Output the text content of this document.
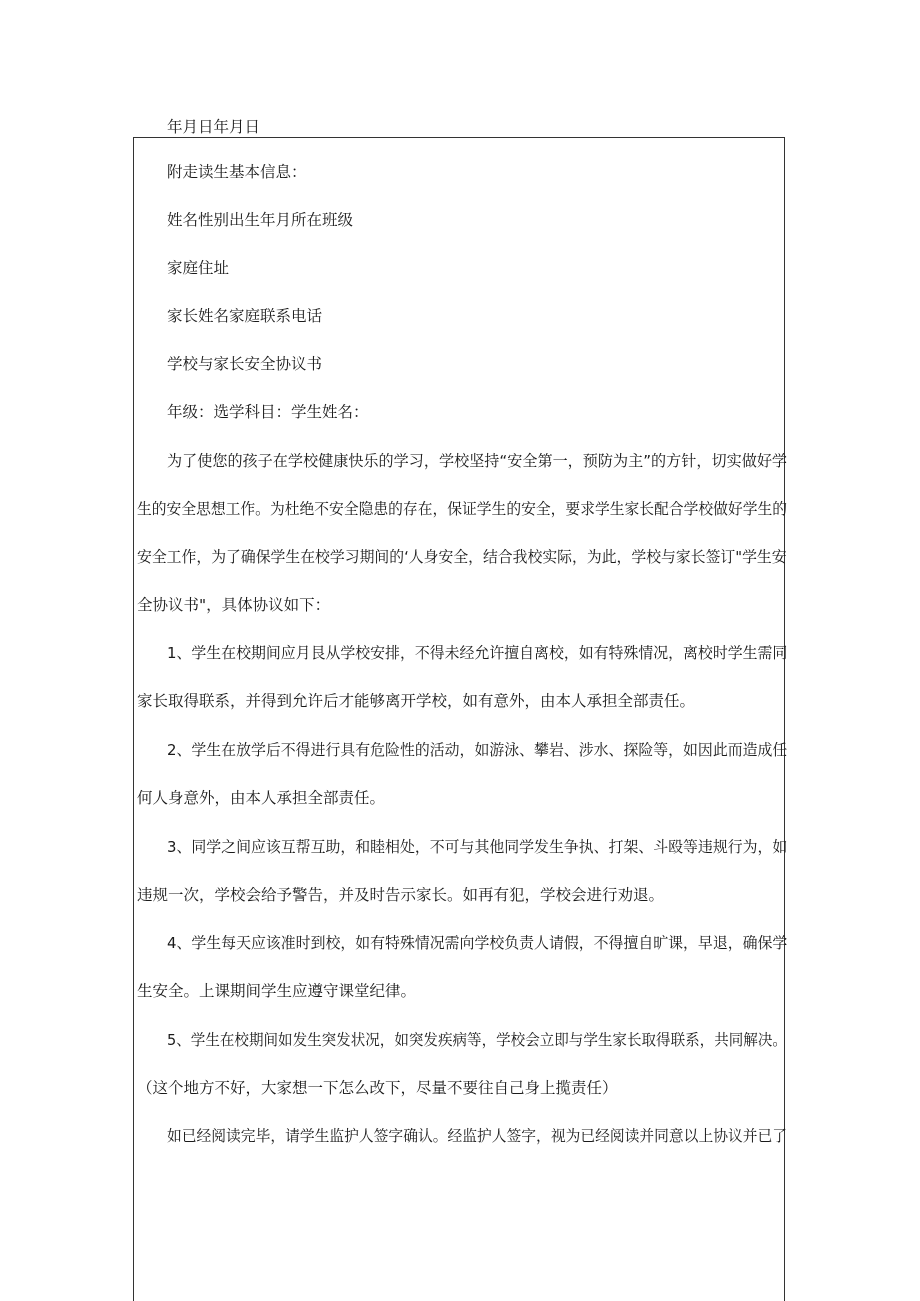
年月日年月日
附走读生基本信息：
姓名性别出生年月所在班级
家庭住址
家长姓名家庭联系电话
学校与家长安全协议书
年级：选学科目：学生姓名：
为了使您的孩子在学校健康快乐的学习，学校坚持“安全第一，预防为主”的方针，切实做好学
生的安全思想工作。为杜绝不安全隐患的存在，保证学生的安全，要求学生家长配合学校做好学生的
安全工作，为了确保学生在校学习期间的‘人身安全，结合我校实际，为此，学校与家长签订"学生安
全协议书"，具体协议如下：
1、学生在校期间应月艮从学校安排，不得未经允许擅自离校，如有特殊情况，离校时学生需同
家长取得联系，并得到允许后才能够离开学校，如有意外，由本人承担全部责任。
2、学生在放学后不得进行具有危险性的活动，如游泳、攀岩、涉水、探险等，如因此而造成任
何人身意外，由本人承担全部责任。
3、同学之间应该互帮互助，和睦相处，不可与其他同学发生争执、打架、斗殴等违规行为，如
违规一次，学校会给予警告，并及时告示家长。如再有犯，学校会进行劝退。
4、学生每天应该准时到校，如有特殊情况需向学校负责人请假，不得擅自旷课，早退，确保学
生安全。上课期间学生应遵守课堂纪律。
5、学生在校期间如发生突发状况，如突发疾病等，学校会立即与学生家长取得联系，共同解决。
（这个地方不好，大家想一下怎么改下，尽量不要往自己身上揽责任）
如已经阅读完毕，请学生监护人签字确认。经监护人签字，视为已经阅读并同意以上协议并已了
